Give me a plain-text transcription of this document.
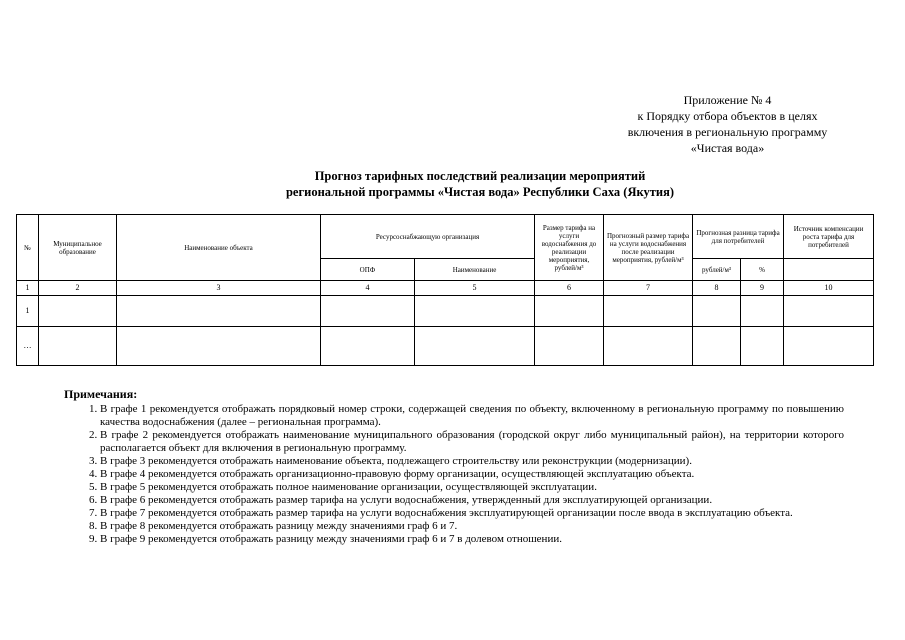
Приложение № 4
к Порядку отбора объектов в целях
включения в региональную программу
«Чистая вода»
Прогноз тарифных последствий реализации мероприятий
региональной программы «Чистая вода» Республики Саха (Якутия)
№	Муниципальное образование	Наименование объекта	Ресурсоснабжающую организация		Размер тарифа на услуги водоснабжения до реализации мероприятия, рублей/м³	Прогнозный размер тарифа на услуги водоснабжения после реализации мероприятия, рублей/м³	Прогнозная разница тарифа для потребителей		Источник компенсации роста тарифа для потребителей
			ОПФ	Наименование			рублей/м³	%	
1	2	3	4	5	6	7	8	9	10
1									
…									
Примечания:
1. В графе 1 рекомендуется отображать порядковый номер строки, содержащей сведения по объекту, включенному в региональную программу по повышению качества водоснабжения (далее – региональная программа).
2. В графе 2 рекомендуется отображать наименование муниципального образования (городской округ либо муниципальный район), на территории которого располагается объект для включения в региональную программу.
3. В графе 3 рекомендуется отображать наименование объекта, подлежащего строительству или реконструкции (модернизации).
4. В графе 4 рекомендуется отображать организационно-правовую форму организации, осуществляющей эксплуатацию объекта.
5. В графе 5 рекомендуется отображать полное наименование организации, осуществляющей эксплуатации.
6. В графе 6 рекомендуется отображать размер тарифа на услуги водоснабжения, утвержденный для эксплуатирующей организации.
7. В графе 7 рекомендуется отображать размер тарифа на услуги водоснабжения эксплуатирующей организации после ввода в эксплуатацию объекта.
8. В графе 8 рекомендуется отображать разницу между значениями граф 6 и 7.
9. В графе 9 рекомендуется отображать разницу между значениями граф 6 и 7 в долевом отношении.
